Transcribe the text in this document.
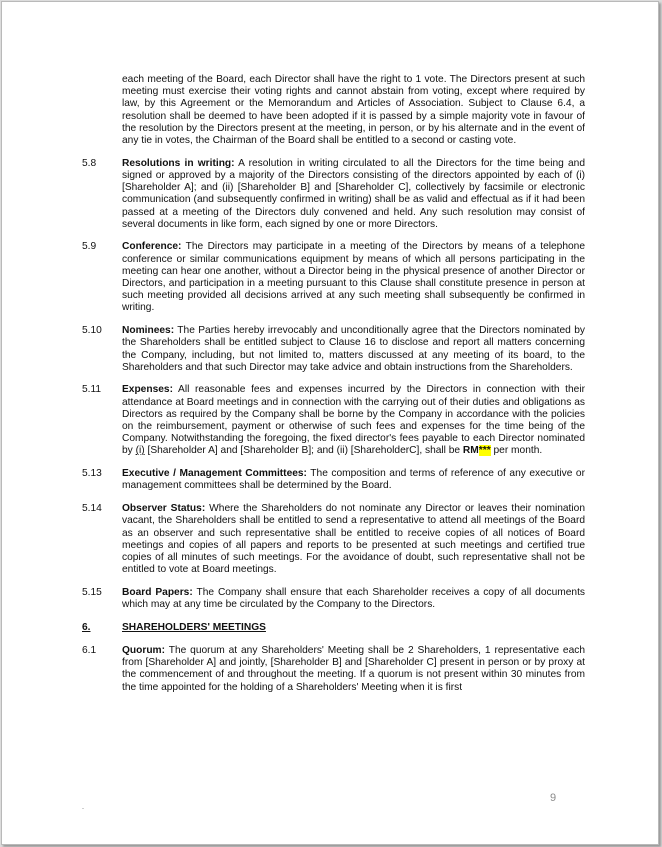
each meeting of the Board, each Director shall have the right to 1 vote. The Directors present at such meeting must exercise their voting rights and cannot abstain from voting, except where required by law, by this Agreement or the Memorandum and Articles of Association. Subject to Clause 6.4, a resolution shall be deemed to have been adopted if it is passed by a simple majority vote in favour of the resolution by the Directors present at the meeting, in person, or by his alternate and in the event of any tie in votes, the Chairman of the Board shall be entitled to a second or casting vote.
5.8	Resolutions in writing: A resolution in writing circulated to all the Directors for the time being and signed or approved by a majority of the Directors consisting of the directors appointed by each of (i) [Shareholder A]; and (ii) [Shareholder B] and [Shareholder C], collectively by facsimile or electronic communication (and subsequently confirmed in writing) shall be as valid and effectual as if it had been passed at a meeting of the Directors duly convened and held. Any such resolution may consist of several documents in like form, each signed by one or more Directors.
5.9	Conference: The Directors may participate in a meeting of the Directors by means of a telephone conference or similar communications equipment by means of which all persons participating in the meeting can hear one another, without a Director being in the physical presence of another Director or Directors, and participation in a meeting pursuant to this Clause shall constitute presence in person at such meeting provided all decisions arrived at any such meeting shall subsequently be confirmed in writing.
5.10	Nominees: The Parties hereby irrevocably and unconditionally agree that the Directors nominated by the Shareholders shall be entitled subject to Clause 16 to disclose and report all matters concerning the Company, including, but not limited to, matters discussed at any meeting of its board, to the Shareholders and that such Director may take advice and obtain instructions from the Shareholders.
5.11	Expenses: All reasonable fees and expenses incurred by the Directors in connection with their attendance at Board meetings and in connection with the carrying out of their duties and obligations as Directors as required by the Company shall be borne by the Company in accordance with the policies on the reimbursement, payment or otherwise of such fees and expenses for the time being of the Company. Notwithstanding the foregoing, the fixed director's fees payable to each Director nominated by (i) [Shareholder A] and [Shareholder B]; and (ii) [ShareholderC], shall be RM*** per month.
5.13	Executive / Management Committees: The composition and terms of reference of any executive or management committees shall be determined by the Board.
5.14	Observer Status: Where the Shareholders do not nominate any Director or leaves their nomination vacant, the Shareholders shall be entitled to send a representative to attend all meetings of the Board as an observer and such representative shall be entitled to receive copies of all notices of Board meetings and copies of all papers and reports to be presented at such meetings and certified true copies of all minutes of such meetings. For the avoidance of doubt, such representative shall not be entitled to vote at Board meetings.
5.15	Board Papers: The Company shall ensure that each Shareholder receives a copy of all documents which may at any time be circulated by the Company to the Directors.
6.	SHAREHOLDERS' MEETINGS
6.1	Quorum: The quorum at any Shareholders' Meeting shall be 2 Shareholders, 1 representative each from [Shareholder A] and jointly, [Shareholder B] and [Shareholder C] present in person or by proxy at the commencement of and throughout the meeting. If a quorum is not present within 30 minutes from the time appointed for the holding of a Shareholders' Meeting when it is first
9
